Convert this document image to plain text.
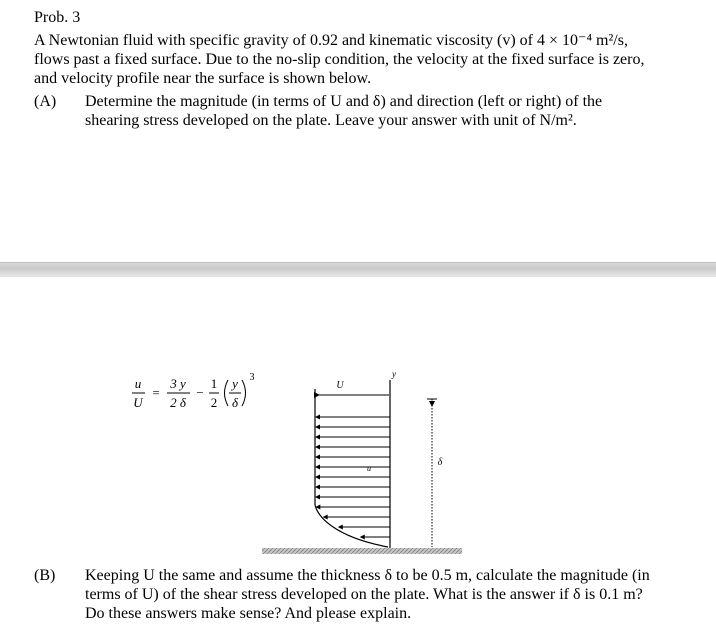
Prob. 3
A Newtonian fluid with specific gravity of 0.92 and kinematic viscosity (v) of 4 × 10⁻⁴ m²/s,
flows past a fixed surface. Due to the no-slip condition, the velocity at the fixed surface is zero,
and velocity profile near the surface is shown below.
(A) Determine the magnitude (in terms of U and δ) and direction (left or right) of the
shearing stress developed on the plate. Leave your answer with unit of N/m².
u
U
=
3 y
2 δ
−
1
2
y
δ
3
U
y
u
δ
(B) Keeping U the same and assume the thickness δ to be 0.5 m, calculate the magnitude (in
terms of U) of the shear stress developed on the plate. What is the answer if δ is 0.1 m?
Do these answers make sense? And please explain.
